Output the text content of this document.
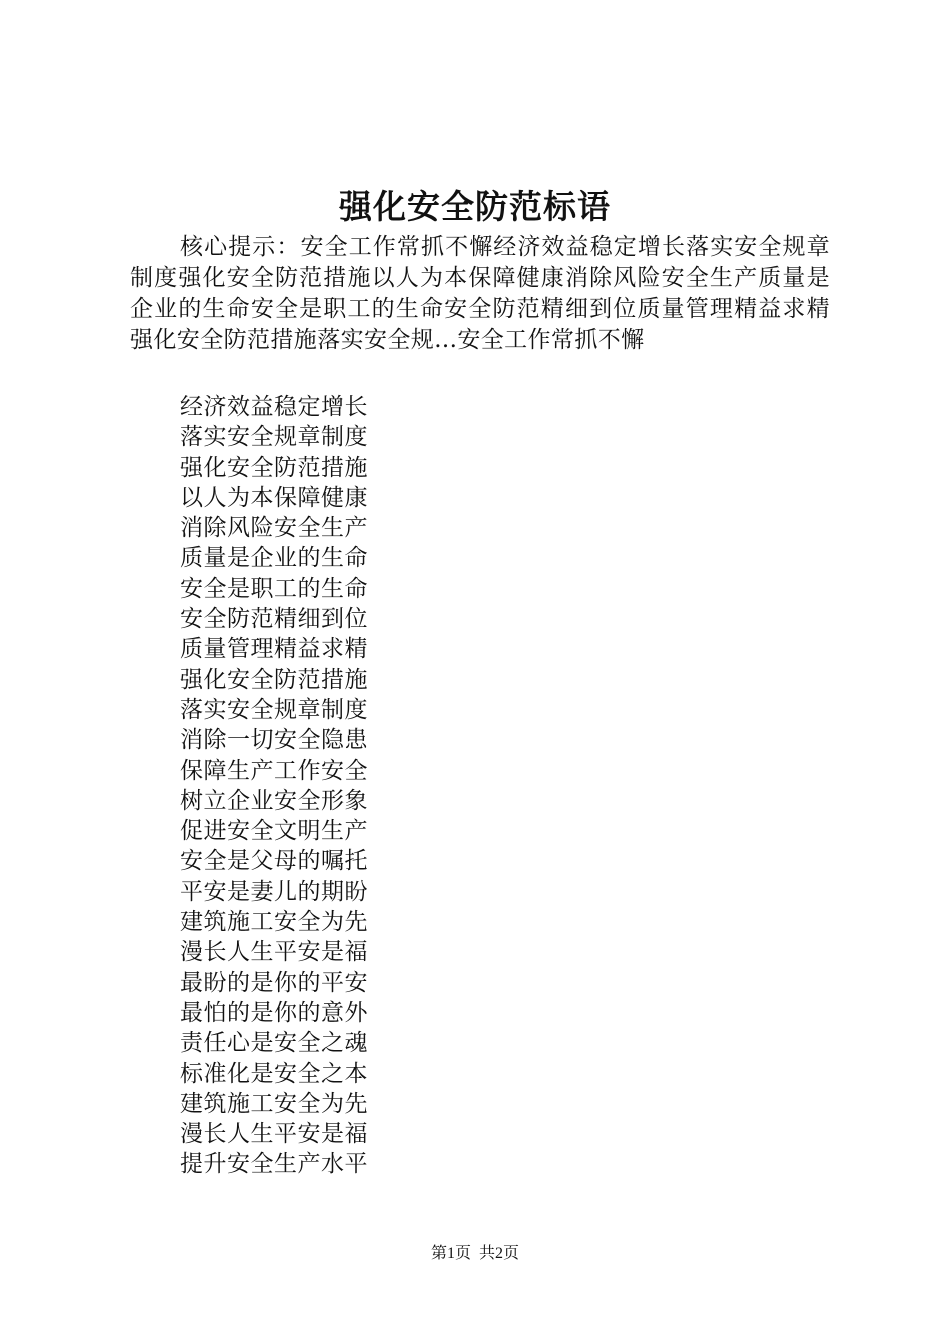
强化安全防范标语
核心提示：安全工作常抓不懈经济效益稳定增长落实安全规章制度强化安全防范措施以人为本保障健康消除风险安全生产质量是企业的生命安全是职工的生命安全防范精细到位质量管理精益求精强化安全防范措施落实安全规...安全工作常抓不懈
经济效益稳定增长
落实安全规章制度
强化安全防范措施
以人为本保障健康
消除风险安全生产
质量是企业的生命
安全是职工的生命
安全防范精细到位
质量管理精益求精
强化安全防范措施
落实安全规章制度
消除一切安全隐患
保障生产工作安全
树立企业安全形象
促进安全文明生产
安全是父母的嘱托
平安是妻儿的期盼
建筑施工安全为先
漫长人生平安是福
最盼的是你的平安
最怕的是你的意外
责任心是安全之魂
标准化是安全之本
建筑施工安全为先
漫长人生平安是福
提升安全生产水平
第1页  共2页
